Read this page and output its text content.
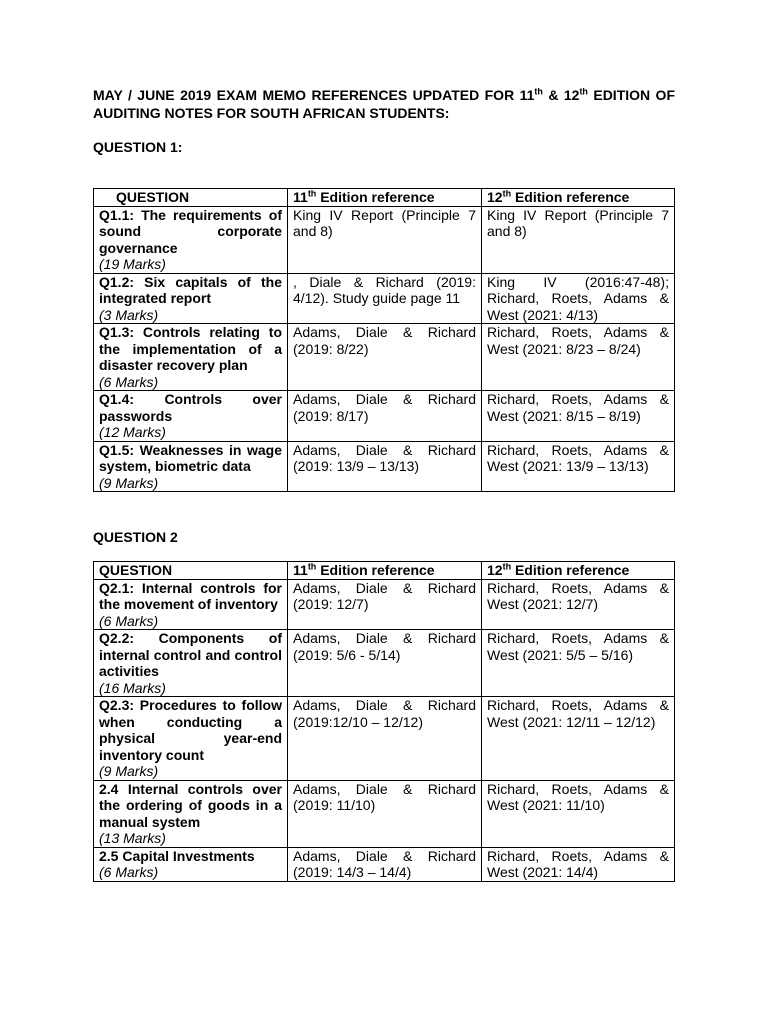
MAY / JUNE 2019 EXAM MEMO REFERENCES UPDATED FOR 11th & 12th EDITION OF AUDITING NOTES FOR SOUTH AFRICAN STUDENTS:
QUESTION 1:
QUESTION	11th Edition reference	12th Edition reference

Q1.1: The requirements of sound corporate governance
(19 Marks)	King IV Report (Principle 7 and 8)	King IV Report (Principle 7 and 8)

Q1.2: Six capitals of the integrated report
(3 Marks)	, Diale & Richard (2019: 4/12). Study guide page 11	King IV (2016:47-48); Richard, Roets, Adams & West (2021: 4/13)

Q1.3: Controls relating to the implementation of a disaster recovery plan
(6 Marks)	Adams, Diale & Richard (2019: 8/22)	Richard, Roets, Adams & West (2021: 8/23 – 8/24)

Q1.4: Controls over passwords
(12 Marks)	Adams, Diale & Richard (2019: 8/17)	Richard, Roets, Adams & West (2021: 8/15 – 8/19)

Q1.5: Weaknesses in wage system, biometric data
(9 Marks)	Adams, Diale & Richard (2019: 13/9 – 13/13)	Richard, Roets, Adams & West (2021: 13/9 – 13/13)
QUESTION 2
QUESTION	11th Edition reference	12th Edition reference

Q2.1: Internal controls for the movement of inventory
(6 Marks)	Adams, Diale & Richard (2019: 12/7)	Richard, Roets, Adams & West (2021: 12/7)

Q2.2: Components of internal control and control activities
(16 Marks)	Adams, Diale & Richard (2019: 5/6 - 5/14)	Richard, Roets, Adams & West (2021: 5/5 – 5/16)

Q2.3: Procedures to follow when conducting a physical year-end inventory count
(9 Marks)	Adams, Diale & Richard (2019:12/10 – 12/12)	Richard, Roets, Adams & West (2021: 12/11 – 12/12)

2.4 Internal controls over the ordering of goods in a manual system
(13 Marks)	Adams, Diale & Richard (2019: 11/10)	Richard, Roets, Adams & West (2021: 11/10)

2.5 Capital Investments
(6 Marks)	Adams, Diale & Richard (2019: 14/3 – 14/4)	Richard, Roets, Adams & West (2021: 14/4)
